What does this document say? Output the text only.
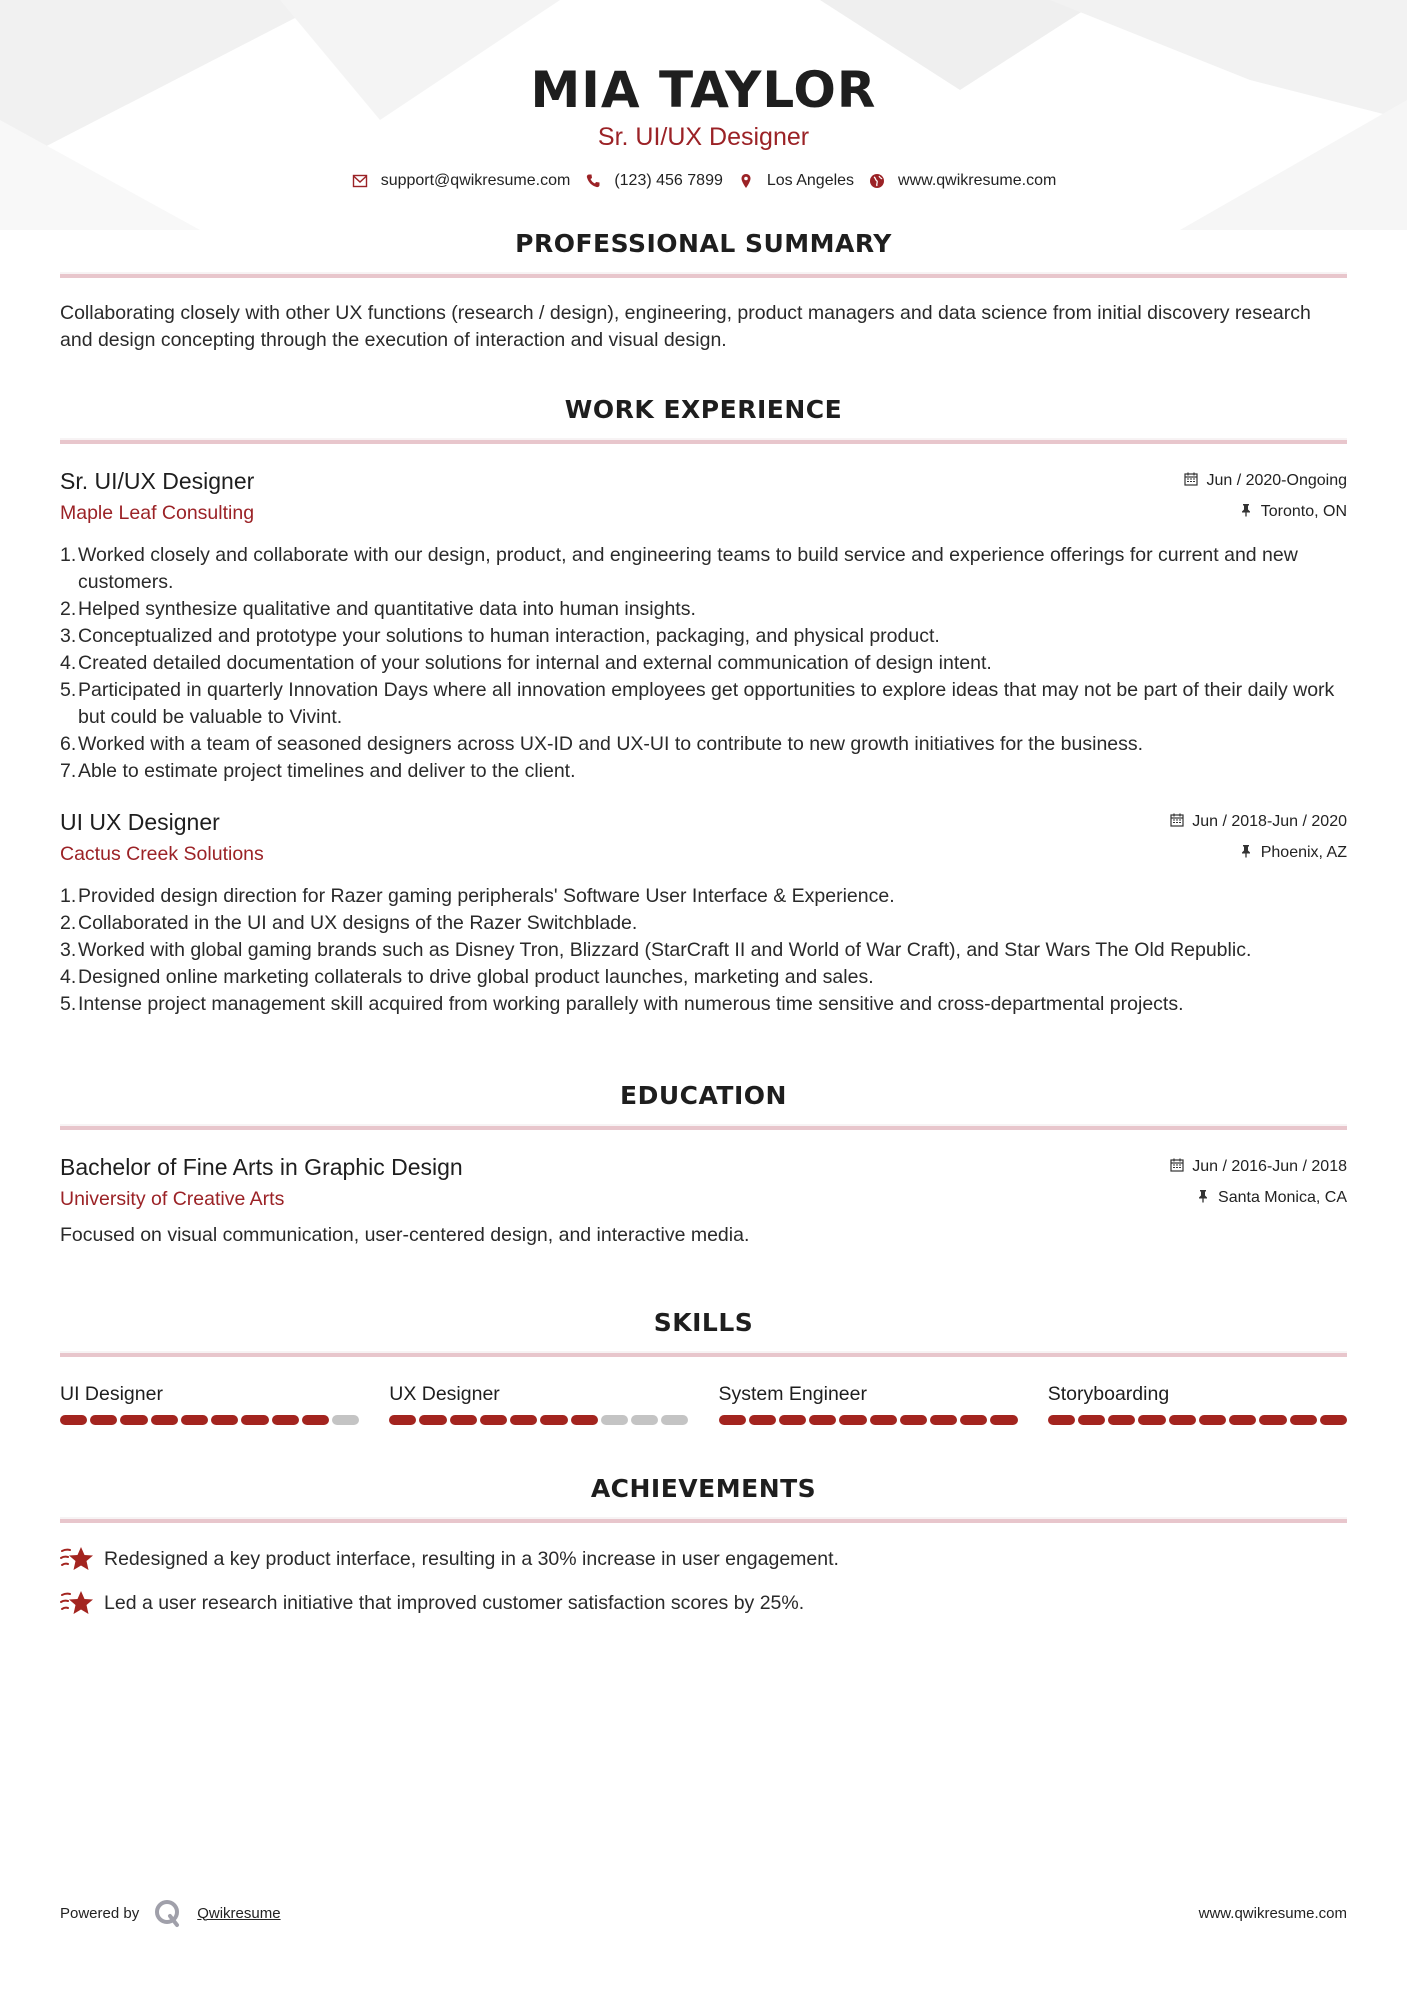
MIA TAYLOR
Sr. UI/UX Designer
support@qwikresume.com	(123) 456 7899	Los Angeles	www.qwikresume.com
PROFESSIONAL SUMMARY

Collaborating closely with other UX functions (research / design), engineering, product managers and data science from initial discovery research and design concepting through the execution of interaction and visual design.

WORK EXPERIENCE
Sr. UI/UX Designer	Jun / 2020-Ongoing
Maple Leaf Consulting	Toronto, ON
Worked closely and collaborate with our design, product, and engineering teams to build service and experience offerings for current and new customers.
Helped synthesize qualitative and quantitative data into human insights.
Conceptualized and prototype your solutions to human interaction, packaging, and physical product.
Created detailed documentation of your solutions for internal and external communication of design intent.
Participated in quarterly Innovation Days where all innovation employees get opportunities to explore ideas that may not be part of their daily work but could be valuable to Vivint.
Worked with a team of seasoned designers across UX-ID and UX-UI to contribute to new growth initiatives for the business.
Able to estimate project timelines and deliver to the client.
UI UX Designer	Jun / 2018-Jun / 2020
Cactus Creek Solutions	Phoenix, AZ
Provided design direction for Razer gaming peripherals' Software User Interface & Experience.
Collaborated in the UI and UX designs of the Razer Switchblade.
Worked with global gaming brands such as Disney Tron, Blizzard (StarCraft II and World of War Craft), and Star Wars The Old Republic.
Designed online marketing collaterals to drive global product launches, marketing and sales.
Intense project management skill acquired from working parallely with numerous time sensitive and cross-departmental projects.
EDUCATION
Bachelor of Fine Arts in Graphic Design	Jun / 2016-Jun / 2018
University of Creative Arts	Santa Monica, CA

Focused on visual communication, user-centered design, and interactive media.

SKILLS
UI Designer	UX Designer	System Engineer	Storyboarding
ACHIEVEMENTS
Redesigned a key product interface, resulting in a 30% increase in user engagement.
Led a user research initiative that improved customer satisfaction scores by 25%.
Powered by	Qwikresume	www.qwikresume.com
